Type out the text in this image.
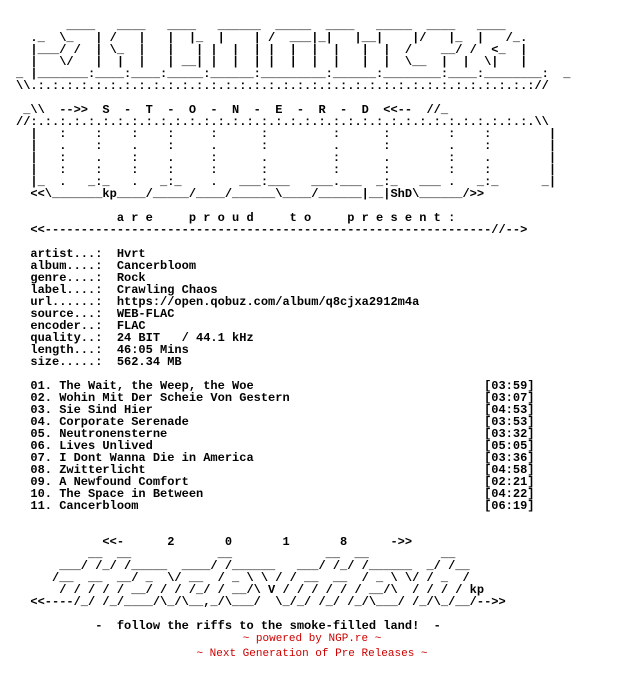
____   ____   ____   ______  _____  ____   _____  ____   ____
._  \_   | /   |   |  |_  |    | /  ___|_|   |__|    |/   |_  |   /_.
|___/ /  | \_  |   |   | |  |  | |  |  |  |   |  |  /    __/ /  <_  |
|   \/   |  |  |   | __| |  |  | |  |  |  |   |  |  \__  |  |  \|   |
_ |_______:____:____:_____:______:_________:______:________:____:________:  _
\\.:.:.:.:.:.:.:.:.:.:.:.:.:.:.:.:.:.:.:.:.:.:.:.:.:.:.:.:.:.:.:.:.:.:.://
_\\  -->>  S  -  T  -  O  -  N  -  E  -  R  -  D  <<--  //_
//:.:.:.:.:.:.:.:.:.:.:.:.:.:.:.:.:.:.:.:.:.:.:.:.:.:.:.:.:.:.:.:.:.:.:.\\
|   :    :    :    :     :      :         :      :        :    :        |
|   .    :    .    :     .      :         .      :        .    :        |
|   :    .    :    .     :      .         :      .        :    .        |
|   :    :    :    :     :      :         :      :        :    :        |
|_  .   _:_   .   _:_    .   ___:___   ___.___  _:_   ___ .   _:_      _|
<<\_______kp____/_____/____/______\____/______|__|ShD\______/>>
a r e     p r o u d     t o     p r e s e n t :
<<--------------------------------------------------------------//-->
artist...:  Hvrt
album....:  Cancerbloom
genre....:  Rock
label....:  Crawling Chaos
url......:  https://open.qobuz.com/album/q8cjxa2912m4a
source...:  WEB-FLAC
encoder..:  FLAC
quality..:  24 BIT   / 44.1 kHz
length...:  46:05 Mins
size.....:  562.34 MB
01. The Wait, the Weep, the Woe                                [03:59]
02. Wohin Mit Der Scheie Von Gestern                           [03:07]
03. Sie Sind Hier                                              [04:53]
04. Corporate Serenade                                         [03:53]
05. Neutronensterne                                            [03:32]
06. Lives Unlived                                              [05:05]
07. I Dont Wanna Die in America                                [03:36]
08. Zwitterlicht                                               [04:58]
09. A Newfound Comfort                                         [02:21]
10. The Space in Between                                       [04:22]
11. Cancerbloom                                                [06:19]
<<-      2       0       1       8      ->>
__  __            __             __  __          __
___/ /_/ /_____  ____/ /______   ___/ /_/ /______  _/ /__
/__  __  __/ _  \/ __  / _ \ \ / / __  __  / _ \ \/ / _  /
/ / / / / __/ / / /_/ / __/\ V / / / / / / __/\  / / / / kp
<<----/_/ /_/____/\_/\__,_/\___/  \_/_/ /_/ /_/\___/ /_/\_/__/-->>
-  follow the riffs to the smoke-filled land!  -
~ powered by NGP.re ~
~ Next Generation of Pre Releases ~
